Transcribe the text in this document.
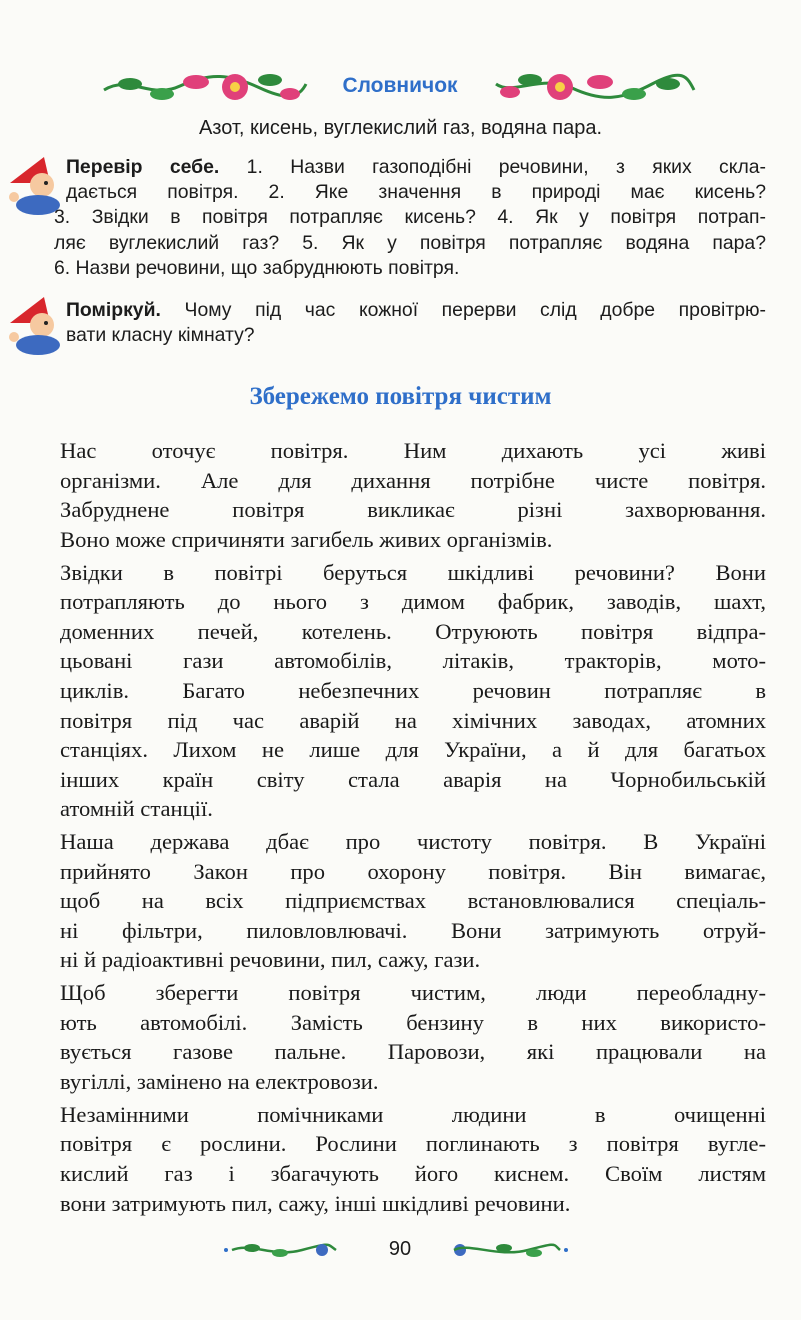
Словничок
Азот, кисень, вуглекислий газ, водяна пара.
Перевір себе. 1. Назви газоподібні речовини, з яких скла-
дається повітря. 2. Яке значення в природі має кисень?
3. Звідки в повітря потрапляє кисень? 4. Як у повітря потрап-
ляє вуглекислий газ? 5. Як у повітря потрапляє водяна пара?
6. Назви речовини, що забруднюють повітря.
Поміркуй. Чому під час кожної перерви слід добре провітрю-
вати класну кімнату?
Збережемо повітря чистим

Нас оточує повітря. Ним дихають усі живі
організми. Але для дихання потрібне чисте повітря.
Забруднене повітря викликає різні захворювання.
Воно може спричиняти загибель живих організмів.

Звідки в повітрі беруться шкідливі речовини? Вони
потрапляють до нього з димом фабрик, заводів, шахт,
доменних печей, котелень. Отруюють повітря відпра-
цьовані гази автомобілів, літаків, тракторів, мото-
циклів. Багато небезпечних речовин потрапляє в
повітря під час аварій на хімічних заводах, атомних
станціях. Лихом не лише для України, а й для багатьох
інших країн світу стала аварія на Чорнобильській
атомній станції.

Наша держава дбає про чистоту повітря. В Україні
прийнято Закон про охорону повітря. Він вимагає,
щоб на всіх підприємствах встановлювалися спеціаль-
ні фільтри, пиловловлювачі. Вони затримують отруй-
ні й радіоактивні речовини, пил, сажу, гази.

Щоб зберегти повітря чистим, люди переобладну-
ють автомобілі. Замість бензину в них використо-
вується газове пальне. Паровози, які працювали на
вугіллі, замінено на електровози.

Незамінними помічниками людини в очищенні
повітря є рослини. Рослини поглинають з повітря вугле-
кислий газ і збагачують його киснем. Своїм листям
вони затримують пил, сажу, інші шкідливі речовини.

90
